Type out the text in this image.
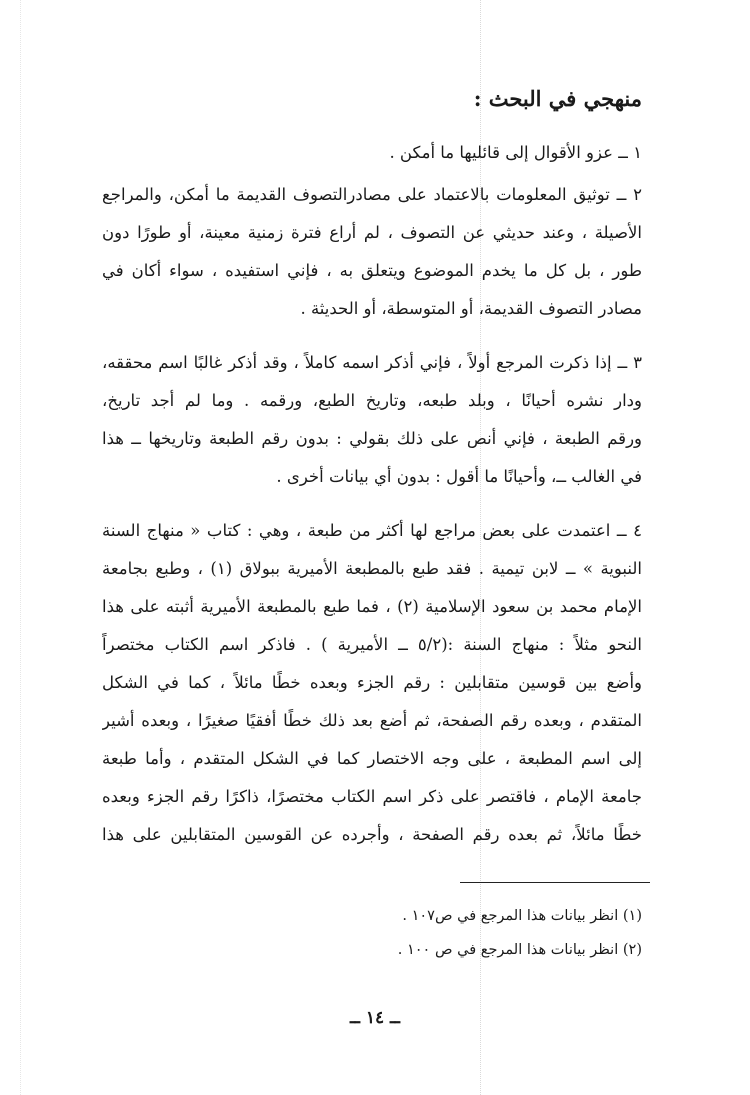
منهجي في البحث :
١ ــ عزو الأقوال إلى قائليها ما أمكن .
٢ ــ توثيق المعلومات بالاعتماد على مصادرالتصوف القديمة ما أمكن، والمراجع
الأصيلة ، وعند حديثي عن التصوف ، لم أراع فترة زمنية معينة، أو طورًا دون
طور ، بل كل ما يخدم الموضوع ويتعلق به ، فإني استفيده ، سواء أكان في
مصادر التصوف القديمة، أو المتوسطة، أو الحديثة .
٣ ــ إذا ذكرت المرجع أولاً ، فإني أذكر اسمه كاملاً ، وقد أذكر غالبًا اسم محققه،
ودار نشره أحيانًا ، وبلد طبعه، وتاريخ الطبع، ورقمه . وما لم أجد تاريخ،
ورقم الطبعة ، فإني أنص على ذلك بقولي : بدون رقم الطبعة وتاريخها ــ هذا
في الغالب ــ، وأحيانًا ما أقول : بدون أي بيانات أخرى .
٤ ــ اعتمدت على بعض مراجع لها أكثر من طبعة ، وهي : كتاب « منهاج السنة
النبوية » ــ لابن تيمية . فقد طبع بالمطبعة الأميرية ببولاق (١) ، وطبع بجامعة
الإمام محمد بن سعود الإسلامية (٢) ، فما طبع بالمطبعة الأميرية أثبته على هذا
النحو مثلاً : منهاج السنة :(٥/٢ ــ الأميرية ) . فاذكر اسم الكتاب مختصراً
وأضع بين قوسين متقابلين : رقم الجزء وبعده خطًا مائلاً ، كما في الشكل
المتقدم ، وبعده رقم الصفحة، ثم أضع بعد ذلك خطًا أفقيًا صغيرًا ، وبعده أشير
إلى اسم المطبعة ، على وجه الاختصار كما في الشكل المتقدم ، وأما طبعة
جامعة الإمام ، فاقتصر على ذكر اسم الكتاب مختصرًا، ذاكرًا رقم الجزء وبعده
خطًا مائلاً، ثم بعده رقم الصفحة ، وأجرده عن القوسين المتقابلين على هذا
(١) انظر بيانات هذا المرجع في ص١٠٧ .
(٢) انظر بيانات هذا المرجع في ص ١٠٠ .
ــ ١٤ ــ
